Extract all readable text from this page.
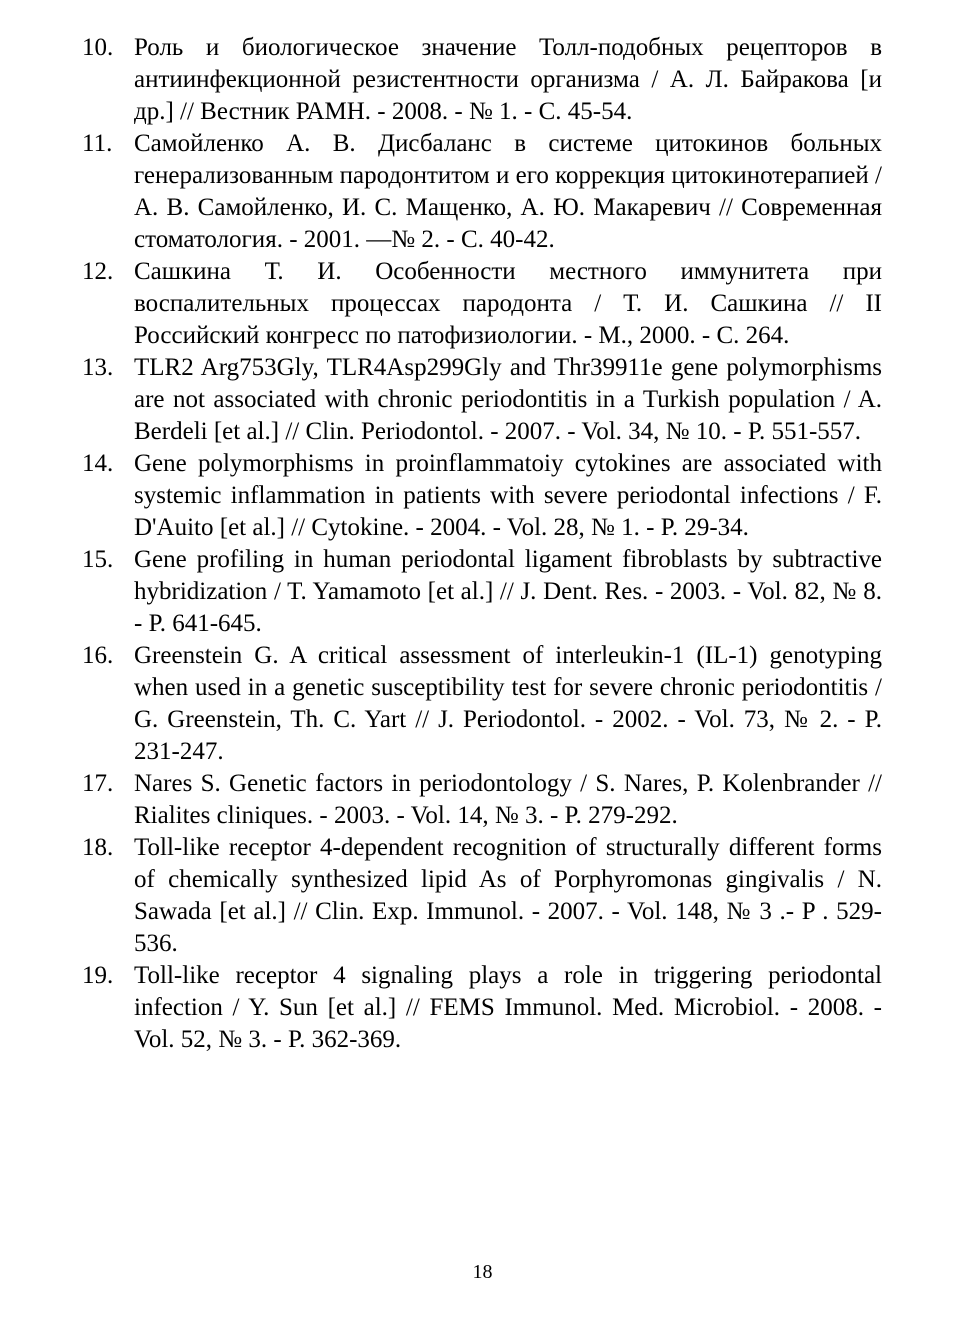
10. Роль и биологическое значение Толл-подобных рецепторов в антиинфекционной резистентности организма / А. Л. Байракова [и др.] // Вестник РАМН. - 2008. - № 1. - С. 45-54.
11. Самойленко А. В. Дисбаланс в системе цитокинов больных генерализованным пародонтитом и его коррекция цитокинотерапией / А. В. Самойленко, И. С. Мащенко, А. Ю. Макаревич // Современная стоматология. - 2001. —№ 2. - С. 40-42.
12. Сашкина Т. И. Особенности местного иммунитета при воспалительных процессах пародонта / Т. И. Сашкина // II Российский конгресс по патофизиологии. - М., 2000. - С. 264.
13. TLR2 Arg753Gly, TLR4Asp299Gly and Thr39911e gene polymorphisms are not associated with chronic periodontitis in a Turkish population / A. Berdeli [et al.] // Clin. Periodontol. - 2007. - Vol. 34, № 10. - P. 551-557.
14. Gene polymorphisms in proinflammatoiy cytokines are associated with systemic inflammation in patients with severe periodontal infections / F. D'Auito [et al.] // Cytokine. - 2004. - Vol. 28, № 1. - P. 29-34.
15. Gene profiling in human periodontal ligament fibroblasts by subtractive hybridization / T. Yamamoto [et al.] // J. Dent. Res. - 2003. - Vol. 82, № 8. - P. 641-645.
16. Greenstein G. A critical assessment of interleukin-1 (IL-1) genotyping when used in a genetic susceptibility test for severe chronic periodontitis / G. Greenstein, Th. C. Yart // J. Periodontol. - 2002. - Vol. 73, № 2. - P. 231-247.
17. Nares S. Genetic factors in periodontology / S. Nares, P. Kolenbrander // Rialites cliniques. - 2003. - Vol. 14, № 3. - P. 279-292.
18. Toll-like receptor 4-dependent recognition of structurally different forms of chemically synthesized lipid As of Porphyromonas gingivalis / N. Sawada [et al.] // Clin. Exp. Immunol. - 2007. - Vol. 148, № 3 .- P . 529-536.
19. Toll-like receptor 4 signaling plays a role in triggering periodontal infection / Y. Sun [et al.] // FEMS Immunol. Med. Microbiol. - 2008. - Vol. 52, № 3. - P. 362-369.
18
